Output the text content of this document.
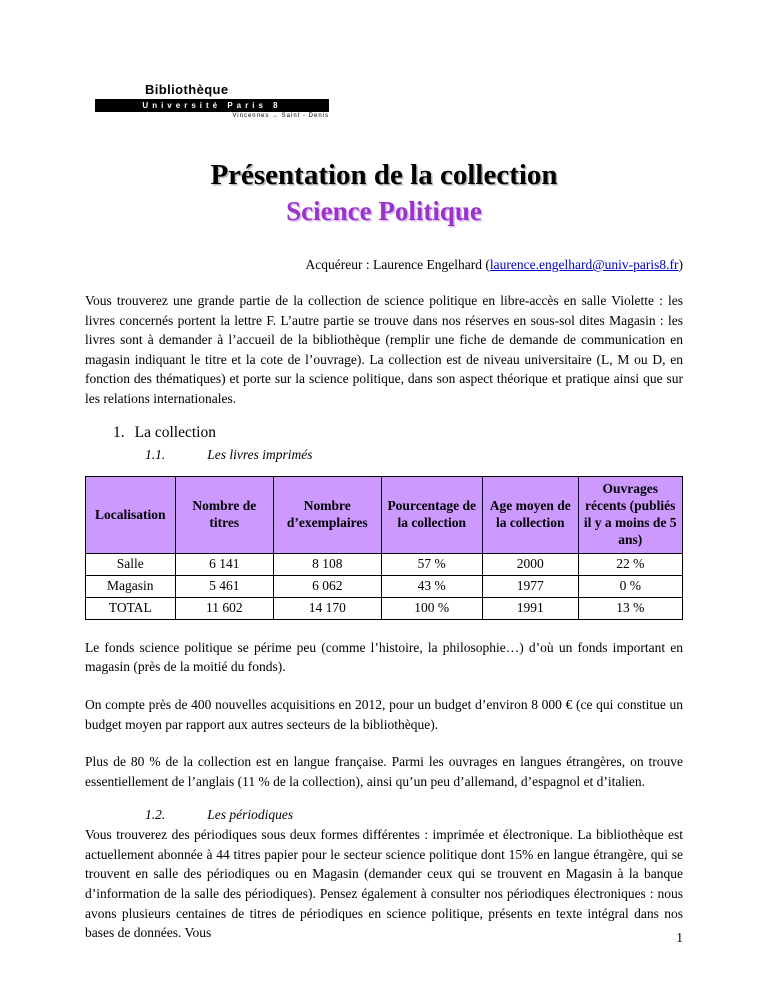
Bibliothèque
Université Paris 8
Vincennes → Saint - Denis
Présentation de la collection
Science Politique

Acquéreur : Laurence Engelhard (laurence.engelhard@univ-paris8.fr)

Vous trouverez une grande partie de la collection de science politique en libre-accès en salle Violette : les livres concernés portent la lettre F. L’autre partie se trouve dans nos réserves en sous-sol dites Magasin : les livres sont à demander à l’accueil de la bibliothèque (remplir une fiche de demande de communication en magasin indiquant le titre et la cote de l’ouvrage). La collection est de niveau universitaire (L, M ou D, en fonction des thématiques) et porte sur la science politique, dans son aspect théorique et pratique ainsi que sur les relations internationales.

1. La collection
1.1.	Les livres imprimés
Localisation	Nombre de titres	Nombre d’exemplaires	Pourcentage de la collection	Age moyen de la collection	Ouvrages récents (publiés il y a moins de 5 ans)
Salle	6 141	8 108	57 %	2000	22 %
Magasin	5 461	6 062	43 %	1977	0 %
TOTAL	11 602	14 170	100 %	1991	13 %

Le fonds science politique se périme peu (comme l’histoire, la philosophie…) d’où un fonds important en magasin (près de la moitié du fonds).

On compte près de 400 nouvelles acquisitions en 2012, pour un budget d’environ 8 000 € (ce qui constitue un budget moyen par rapport aux autres secteurs de la bibliothèque).

Plus de 80 % de la collection est en langue française. Parmi les ouvrages en langues étrangères, on trouve essentiellement de l’anglais (11 % de la collection), ainsi qu’un peu d’allemand, d’espagnol et d’italien.

1.2.	Les périodiques

Vous trouverez des périodiques sous deux formes différentes : imprimée et électronique. La bibliothèque est actuellement abonnée à 44 titres papier pour le secteur science politique dont 15% en langue étrangère, qui se trouvent en salle des périodiques ou en Magasin (demander ceux qui se trouvent en Magasin à la banque d’information de la salle des périodiques). Pensez également à consulter nos périodiques électroniques : nous avons plusieurs centaines de titres de périodiques en science politique, présents en texte intégral dans nos bases de données. Vous	1
